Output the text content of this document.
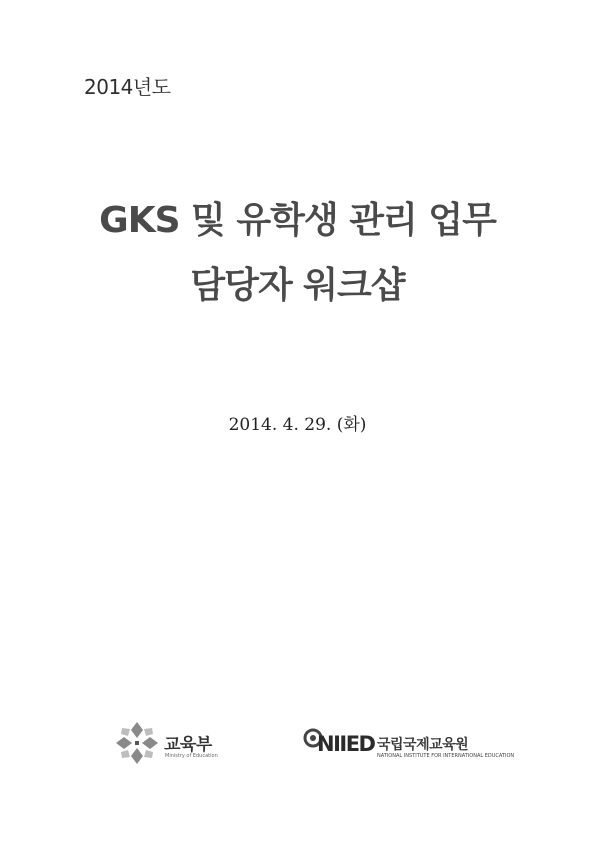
2014년도
GKS 및 유학생 관리 업무
담당자 워크샵
2014. 4. 29. (화)
교육부
Ministry of Education	NIIED 국립국제교육원
NATIONAL INSTITUTE FOR INTERNATIONAL EDUCATION
